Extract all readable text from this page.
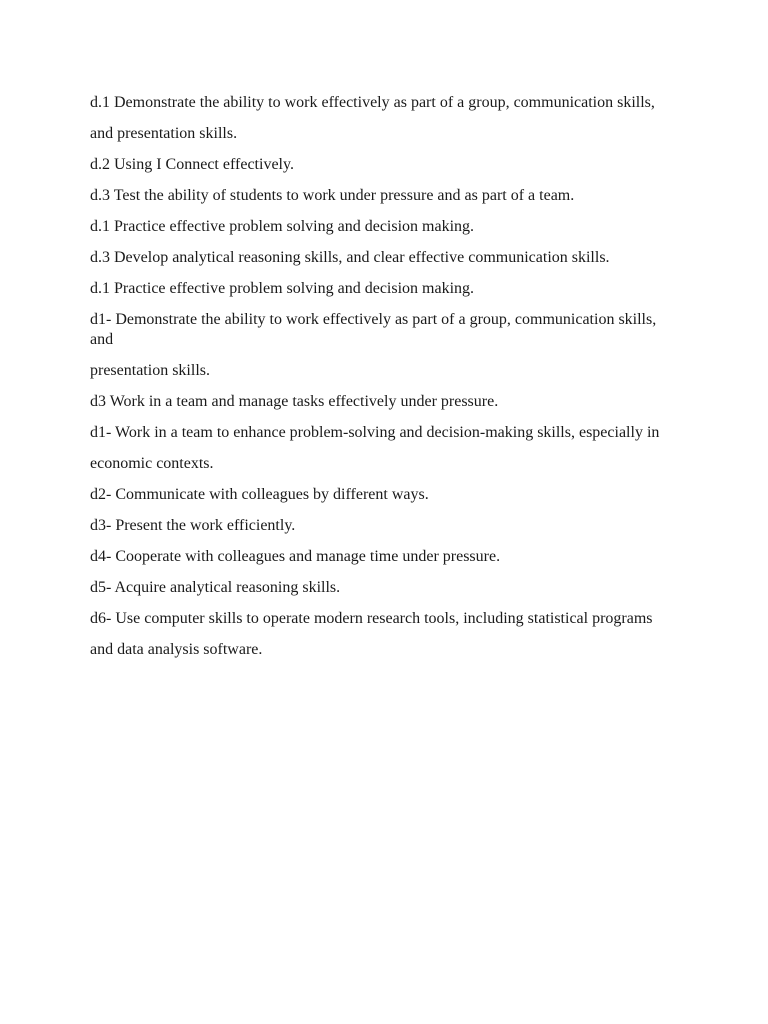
d.1 Demonstrate the ability to work effectively as part of a group, communication skills,
and presentation skills.
d.2 Using I Connect effectively.
d.3 Test the ability of students to work under pressure and as part of a team.
d.1 Practice effective problem solving and decision making.
d.3 Develop analytical reasoning skills, and clear effective communication skills.
d.1 Practice effective problem solving and decision making.
d1- Demonstrate the ability to work effectively as part of a group, communication skills,
and
presentation skills.
d3 Work in a team and manage tasks effectively under pressure.
d1- Work in a team to enhance problem-solving and decision-making skills, especially in
economic contexts.
d2- Communicate with colleagues by different ways.
d3- Present the work efficiently.
d4- Cooperate with colleagues and manage time under pressure.
d5- Acquire analytical reasoning skills.
d6- Use computer skills to operate modern research tools, including statistical programs
and data analysis software.
